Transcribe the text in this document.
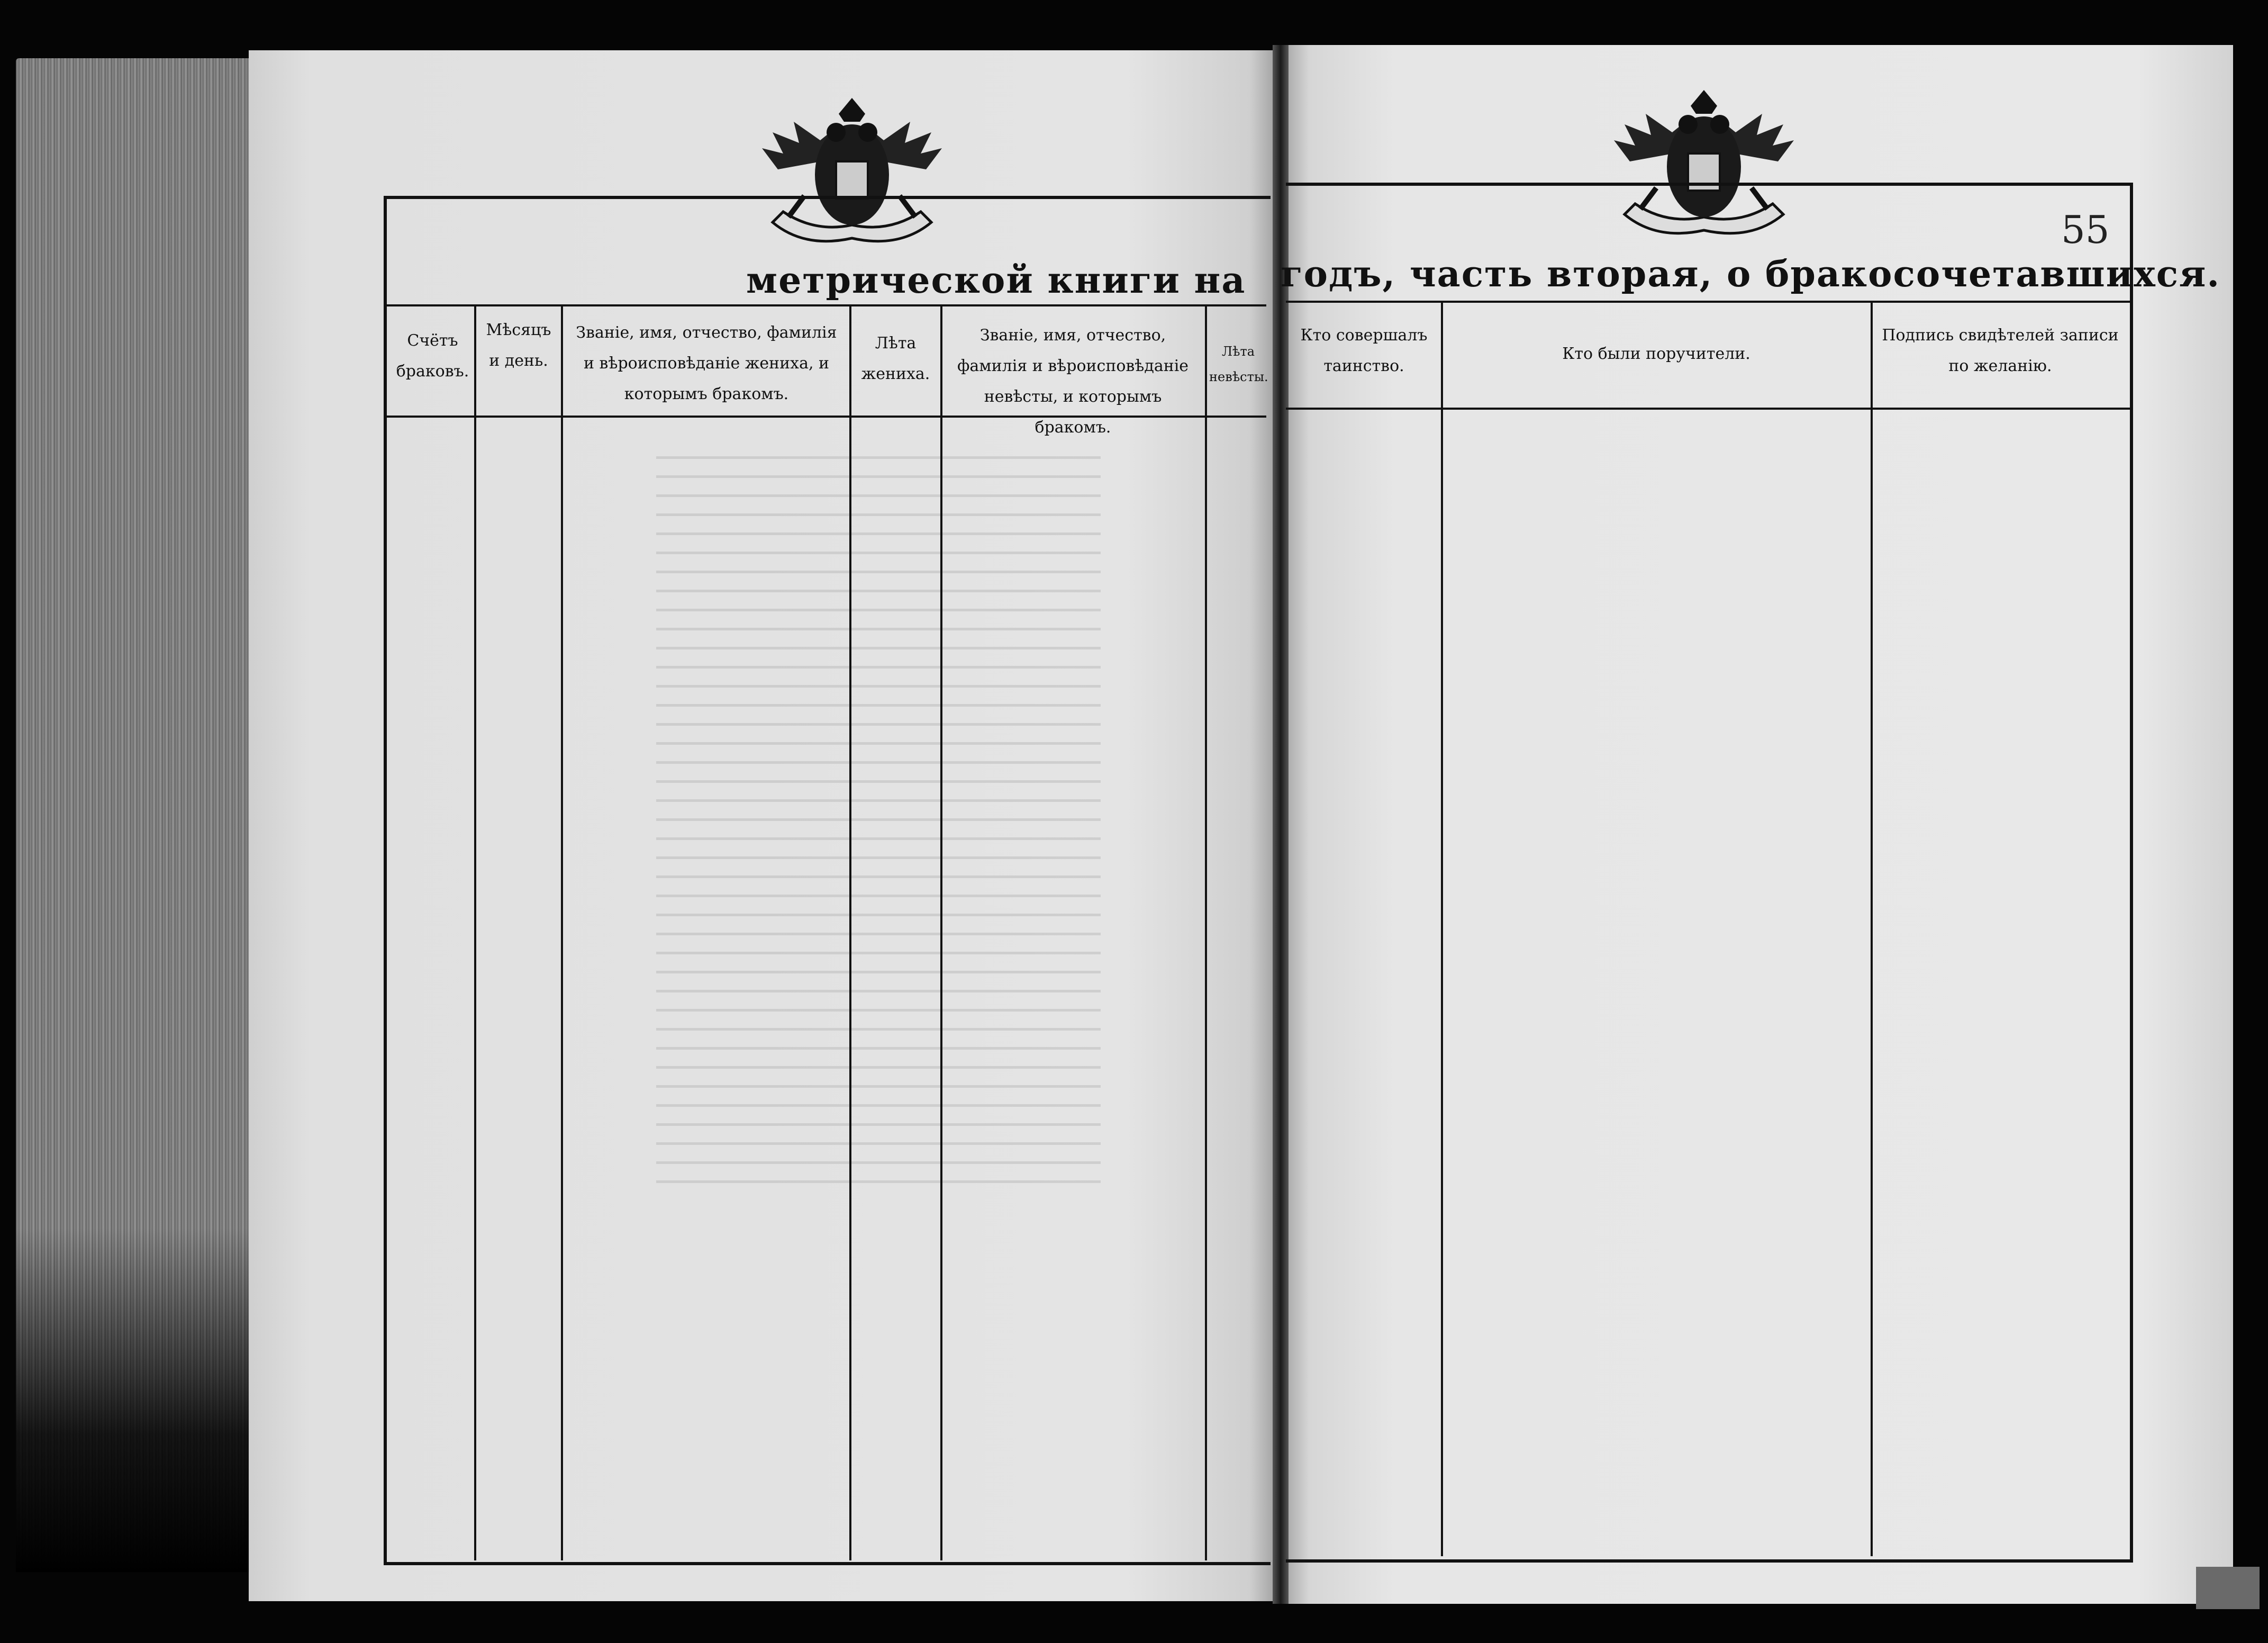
метрической книги на
Счётъ браковъ.
Мѣсяцъ и день.
Званіе, имя, отчество, фамилія и вѣроисповѣданіе жениха, и которымъ бракомъ.
Лѣта жениха.
Званіе, имя, отчество, фамилія и вѣроисповѣданіе невѣсты, и которымъ бракомъ.
Лѣта невѣсты.
годъ, часть вторая, о бракосочетавшихся.
55
Кто совершалъ таинство.
Кто были поручители.
Подпись свидѣтелей записи по желанію.
